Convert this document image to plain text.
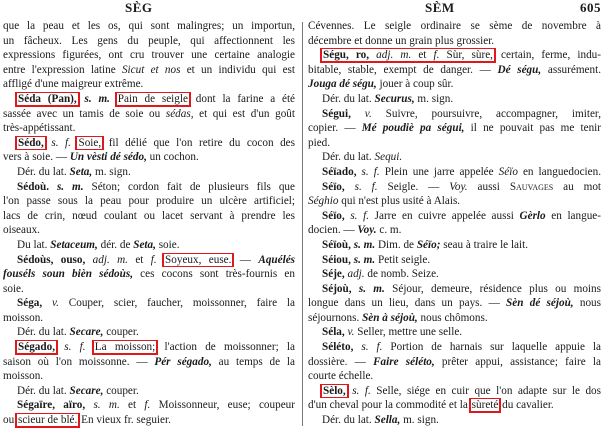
SÈG	SÈM	605
que la peau et les os, qui sont malingres; un importun,
un fâcheux. Les gens du peuple, qui affectionnent les
expressions figurées, ont cru trouver une certaine analogie
entre l'expression latine Sicut et nos et un individu qui est
affligé d'une maigreur extrême.
Séda (Pan), s. m. Pain de seigle dont la farine a été
sassée avec un tamis de soie ou sédas, et qui est d'un goût
très-appétissant.
Sédo, s. f. Soie, fil délié que l'on retire du cocon des
vers à soie. — Un vèsti dé sédo, un cochon.
Dér. du lat. Seta, m. sign.
Sédoù. s. m. Séton; cordon fait de plusieurs fils que
l'on passe sous la peau pour produire un ulcère artificiel;
lacs de crin, nœud coulant ou lacet servant à prendre les
oiseaux.
Du lat. Setaceum, dér. de Seta, soie.
Sédoùs, ouso, adj. m. et f. Soyeux, euse. — Aquélés
fouséls soun bièn sédoùs, ces cocons sont très-fournis en
soie.
Séga, v. Couper, scier, faucher, moissonner, faire la
moisson.
Dér. du lat. Secare, couper.
Ségado, s. f. La moisson; l'action de moissonner; la
saison où l'on moissonne. — Pér ségado, au temps de la
moisson.
Dér. du lat. Secare, couper.
Ségaïre, aïro, s. m. et f. Moissonneur, euse; coupeur
ou scieur de blé. En vieux fr. seguier.
Cévennes. Le seigle ordinaire se sème de novembre à
décembre et donne un grain plus grossier.
Ségu, ro, adj. m. et f. Sùr, sùre, certain, ferme, indu-
bitable, stable, exempt de danger. — Dé ségu, assurément.
Jouga dé ségu, jouer à coup sûr.
Dér. du lat. Securus, m. sign.
Ségui, v. Suivre, poursuivre, accompagner, imiter,
copier. — Mé poudiè pa ségui, il ne pouvait pas me tenir
pied.
Dér. du lat. Sequi.
Séïado, s. f. Plein une jarre appelée Séïo en languedocien.
Séïo, s. f. Seigle. — Voy. aussi Sauvages au mot
Séghio qui n'est plus usité à Alais.
Séïo, s. f. Jarre en cuivre appelée aussi Gèrlo en langue-
docien. — Voy. c. m.
Séïoù, s. m. Dim. de Séïo; seau à traire le lait.
Séiou, s. m. Petit seigle.
Séje, adj. de nomb. Seize.
Séjoù, s. m. Séjour, demeure, résidence plus ou moins
longue dans un lieu, dans un pays. — Sèn dé séjoù, nous
séjournons. Sèn à séjoù, nous chômons.
Séla, v. Seller, mettre une selle.
Séléto, s. f. Portion de harnais sur laquelle appuie la
dossière. — Faire séléto, prêter appui, assistance; faire la
courte échelle.
Sèlo, s. f. Selle, siége en cuir que l'on adapte sur le dos
d'un cheval pour la commodité et la sùreté du cavalier.
Dér. du lat. Sella, m. sign.
